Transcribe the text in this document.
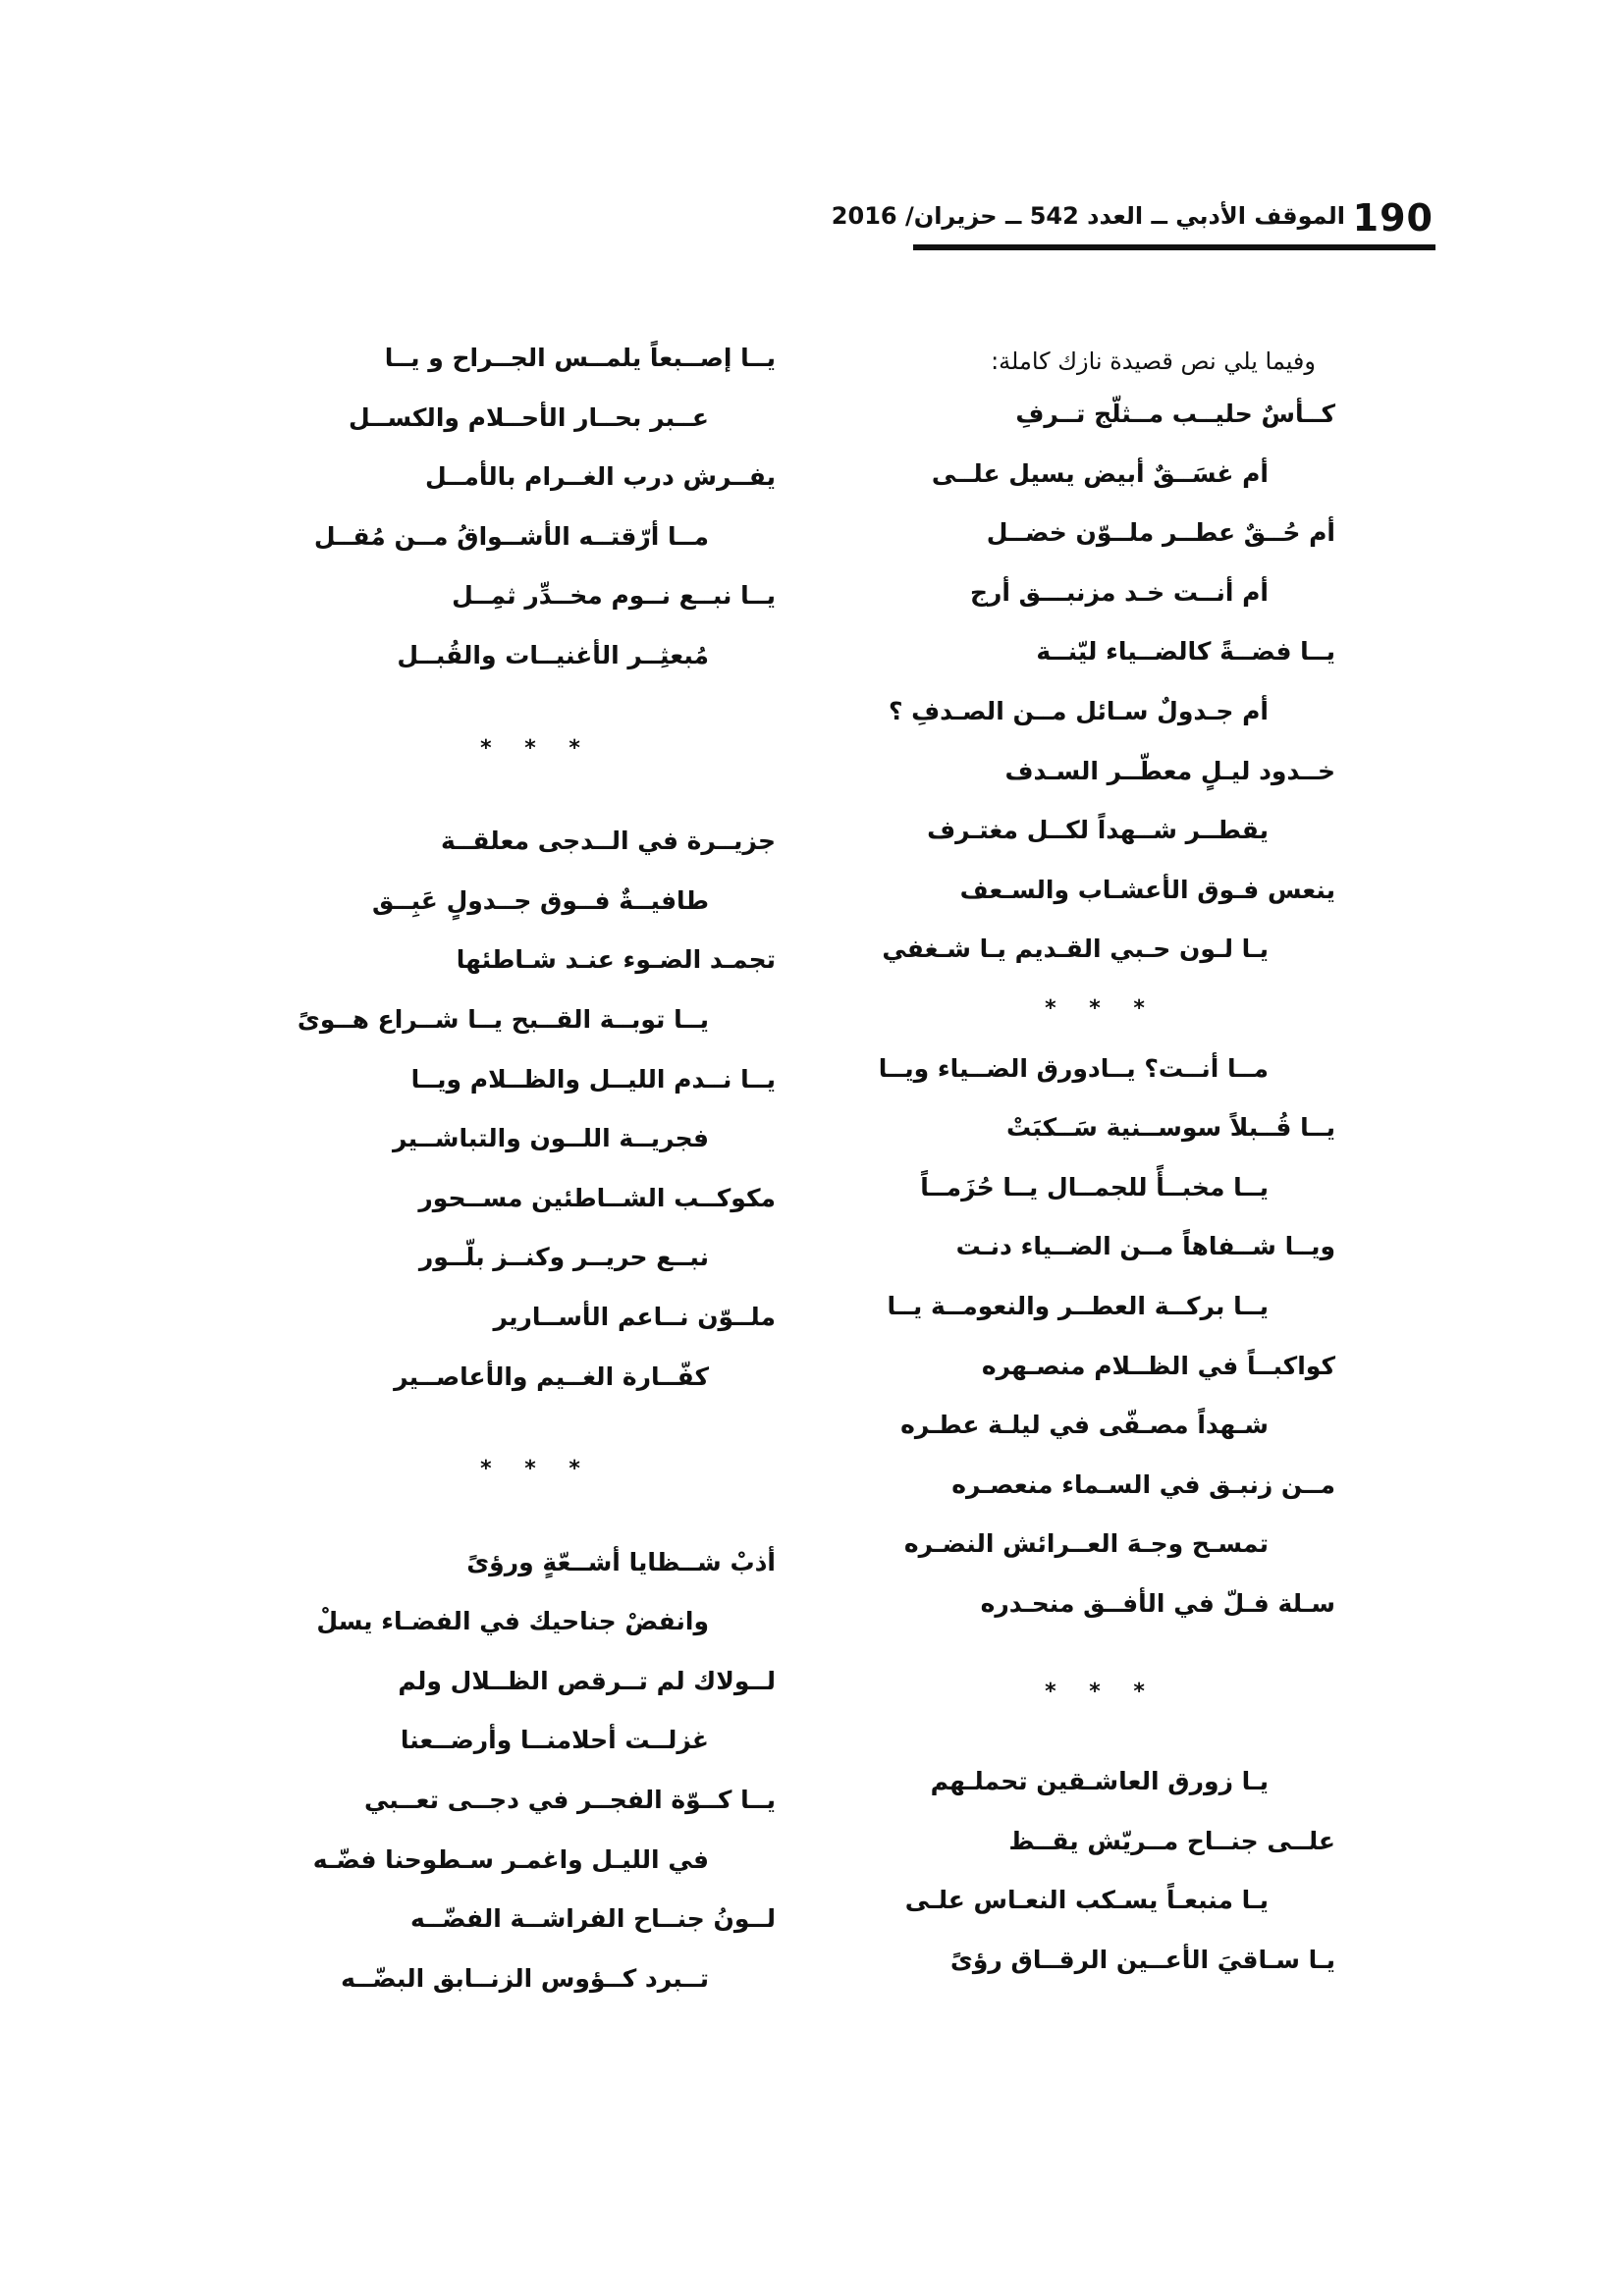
الموقف الأدبي ــ العدد 542 ــ حزيران/ 2016 190
وفيما يلي نص قصيدة نازك كاملة:
كــأسٌ حليــب مــثلّج تــرفِ
أم غسَــقٌ أبيض يسيل علــى
أم حُــقٌ عطــر ملــوّن خضــل
أم أنــت خـد مزنبـــق أرج
يــا فضــةً كالضــياء ليّنــة
أم جـدولٌ سـائل مــن الصـدفِ ؟
خــدود ليـلٍ معطّــر السـدف
يقطــر شــهداً لكــل مغتـرف
ينعس فـوق الأعشـاب والسـعف
يـا لـون حـبي القـديم يـا شـغفي
* * *
مــا أنــت؟ يــادورق الضــياء ويــا
يــا قُــبلاً سوســنية سَــكبَتْ
يــا مخبــأً للجمــال يــا حُزَمــاً
ويــا شــفاهاً مــن الضــياء دنـت
يــا بركــة العطــر والنعومــة يــا
كواكبــاً في الظــلام منصـهره
شـهداً مصـفّى في ليلـة عطـره
مــن زنبـق في السـماء منعصـره
تمسـح وجـهَ العــرائش النضـره
سـلة فـلّ في الأفــق منحـدره
* * *
يـا زورق العاشـقين تحملـهم
علــى جنــاح مــريّش يقــظ
يـا منبعـاً يسـكب النعـاس علـى
يـا سـاقيَ الأعــين الرقــاق رؤىً
يــا إصــبعاً يلمــس الجــراح و يــا
عــبر بحــار الأحــلام والكســل
يفــرش درب الغــرام بالأمــل
مــا أرّقتــه الأشــواقُ مــن مُقــل
يــا نبــع نــوم مخــدِّر ثمِــل
مُبعثِــر الأغنيــات والقُبــل
* * *
جزيــرة في الــدجى معلقــة
طافيــةٌ فــوق جــدولٍ عَبِــق
تجمـد الضـوء عنـد شـاطئها
يــا توبــة القــبح يــا شــراع هــوىً
يــا نــدم الليــل والظــلام ويــا
فجريــة اللــون والتباشــير
مكوكــب الشــاطئين مســحور
نبــع حريــر وكنــز بلّــور
ملــوّن نــاعم الأســارير
كفّــارة الغــيم والأعاصــير
* * *
أذبْ شــظايا أشــعّةٍ ورؤىً
وانفضْ جناحيك في الفضـاء يسلْ
لــولاك لم تــرقص الظــلال ولم
غزلــت أحلامنــا وأرضــعنا
يــا كــوّة الفجــر في دجــى تعــبي
في الليـل واغمـر سـطوحنا فضّـه
لــونُ جنــاح الفراشــة الفضّــه
تــبرد كــؤوس الزنــابق البضّــه
